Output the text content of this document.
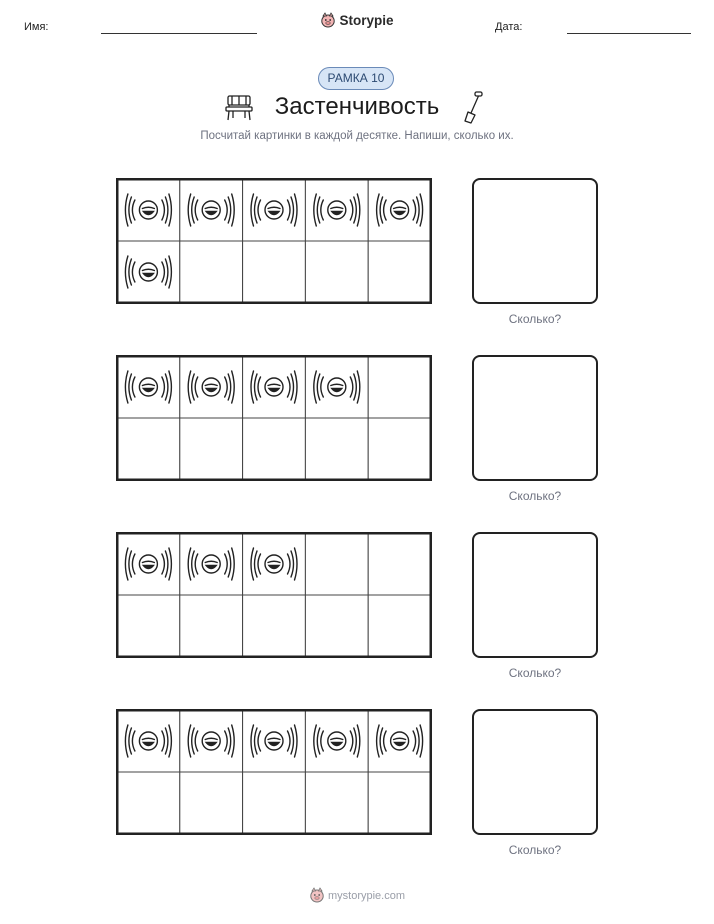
Имя:	Дата:
Storypie
РАМКА 10
Застенчивость
Посчитай картинки в каждой десятке. Напиши, сколько их.
Сколько?
Сколько?
Сколько?
Сколько?
mystorypie.com
